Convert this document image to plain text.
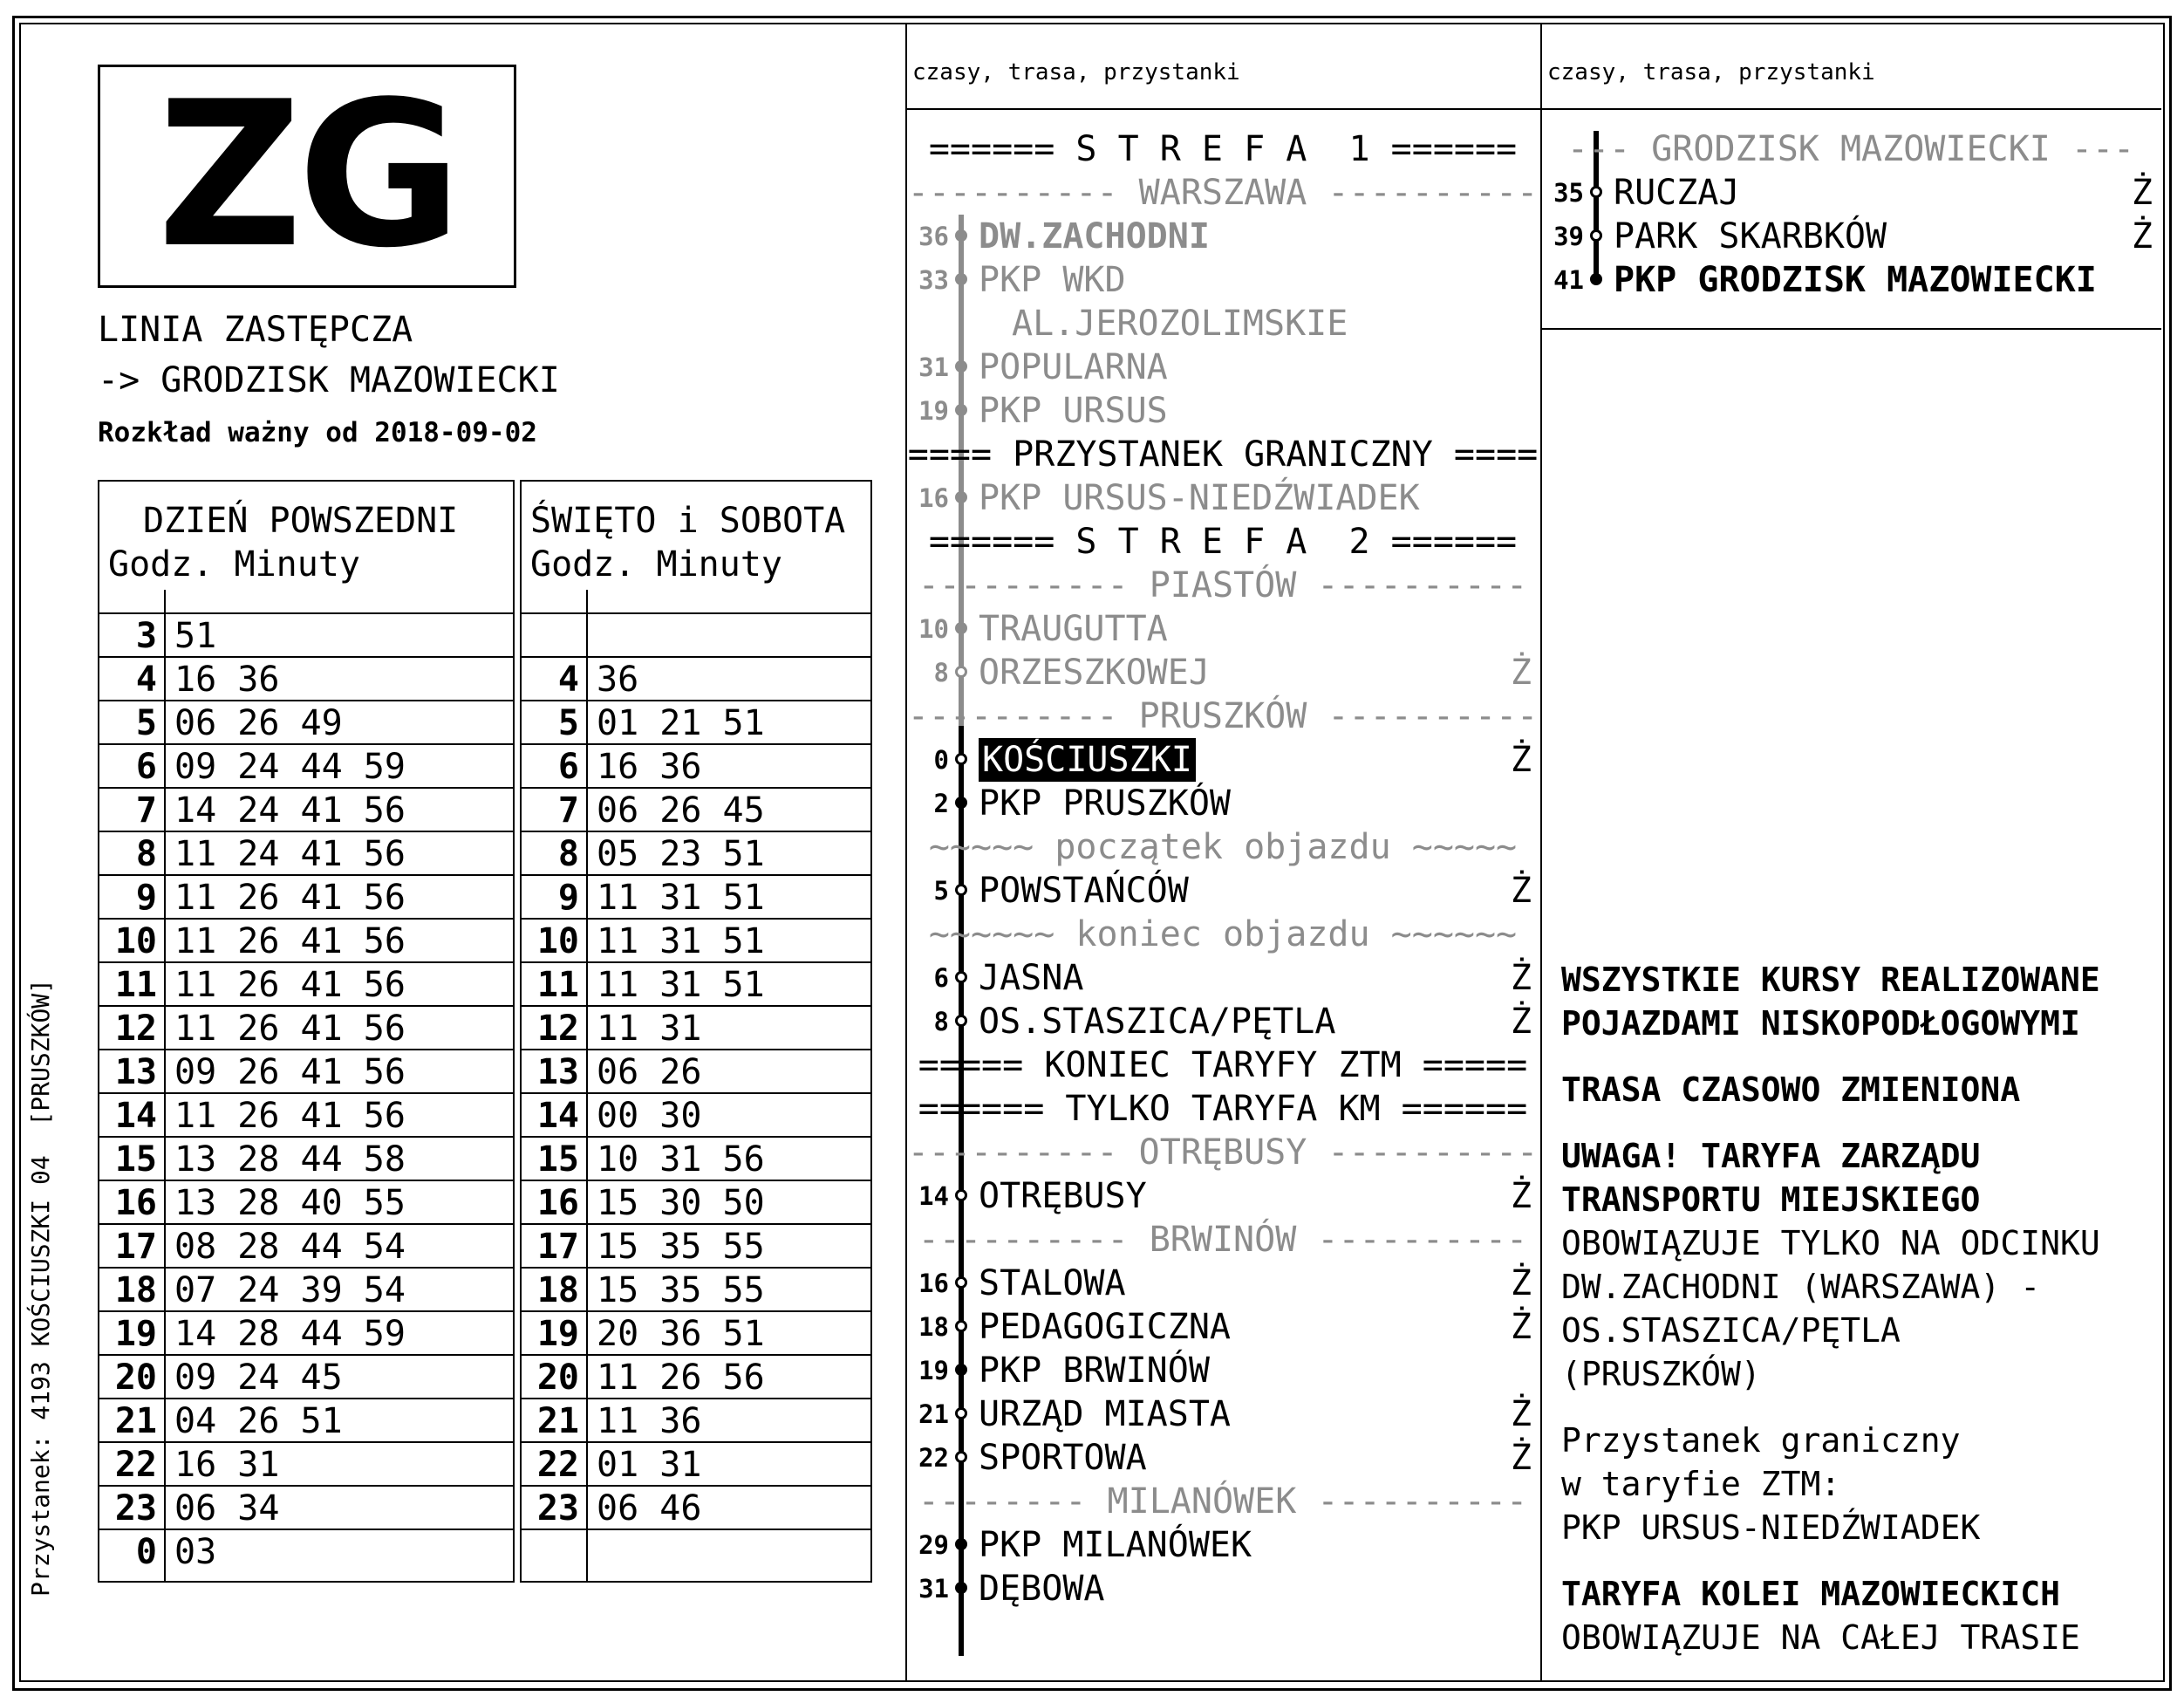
ZG
LINIA ZASTĘPCZA
-> GRODZISK MAZOWIECKI
Rozkład ważny od 2018-09-02
Przystanek: 4193 KOŚCIUSZKI 04  [PRUSZKÓW]
DZIEŃ POWSZEDNI
Godz. Minuty
3 51
4 16 36
5 06 26 49
6 09 24 44 59
7 14 24 41 56
8 11 24 41 56
9 11 26 41 56
10 11 26 41 56
11 11 26 41 56
12 11 26 41 56
13 09 26 41 56
14 11 26 41 56
15 13 28 44 58
16 13 28 40 55
17 08 28 44 54
18 07 24 39 54
19 14 28 44 59
20 09 24 45
21 04 26 51
22 16 31
23 06 34
0 03
ŚWIĘTO i SOBOTA
Godz. Minuty
4 36
5 01 21 51
6 16 36
7 06 26 45
8 05 23 51
9 11 31 51
10 11 31 51
11 11 31 51
12 11 31
13 06 26
14 00 30
15 10 31 56
16 15 30 50
17 15 35 55
18 15 35 55
19 20 36 51
20 11 26 56
21 11 36
22 01 31
23 06 46
czasy, trasa, przystanki	czasy, trasa, przystanki
====== S T R E F A  1 ======
---------- WARSZAWA ----------
36 DW.ZACHODNI
33 PKP WKD
AL.JEROZOLIMSKIE
31 POPULARNA
19 PKP URSUS
==== PRZYSTANEK GRANICZNY ====
16 PKP URSUS-NIEDŹWIADEK
====== S T R E F A  2 ======
---------- PIASTÓW ----------
10 TRAUGUTTA
8 ORZESZKOWEJ	Ż
---------- PRUSZKÓW ----------
0 KOŚCIUSZKI	Ż
2 PKP PRUSZKÓW
~~~~~ początek objazdu ~~~~~
5 POWSTAŃCÓW	Ż
~~~~~~ koniec objazdu ~~~~~~
6 JASNA	Ż
8 OS.STASZICA/PĘTLA	Ż
===== KONIEC TARYFY ZTM =====
====== TYLKO TARYFA KM ======
---------- OTRĘBUSY ----------
14 OTRĘBUSY	Ż
---------- BRWINÓW ----------
16 STALOWA	Ż
18 PEDAGOGICZNA	Ż
19 PKP BRWINÓW
21 URZĄD MIASTA	Ż
22 SPORTOWA	Ż
-------- MILANÓWEK ----------
29 PKP MILANÓWEK
31 DĘBOWA
--- GRODZISK MAZOWIECKI ---
35 RUCZAJ	Ż
39 PARK SKARBKÓW	Ż
41 PKP GRODZISK MAZOWIECKI
WSZYSTKIE KURSY REALIZOWANE
POJAZDAMI NISKOPODŁOGOWYMI
TRASA CZASOWO ZMIENIONA
UWAGA! TARYFA ZARZĄDU
TRANSPORTU MIEJSKIEGO
OBOWIĄZUJE TYLKO NA ODCINKU
DW.ZACHODNI (WARSZAWA) -
OS.STASZICA/PĘTLA
(PRUSZKÓW)
Przystanek graniczny
w taryfie ZTM:
PKP URSUS-NIEDŹWIADEK
TARYFA KOLEI MAZOWIECKICH
OBOWIĄZUJE NA CAŁEJ TRASIE
